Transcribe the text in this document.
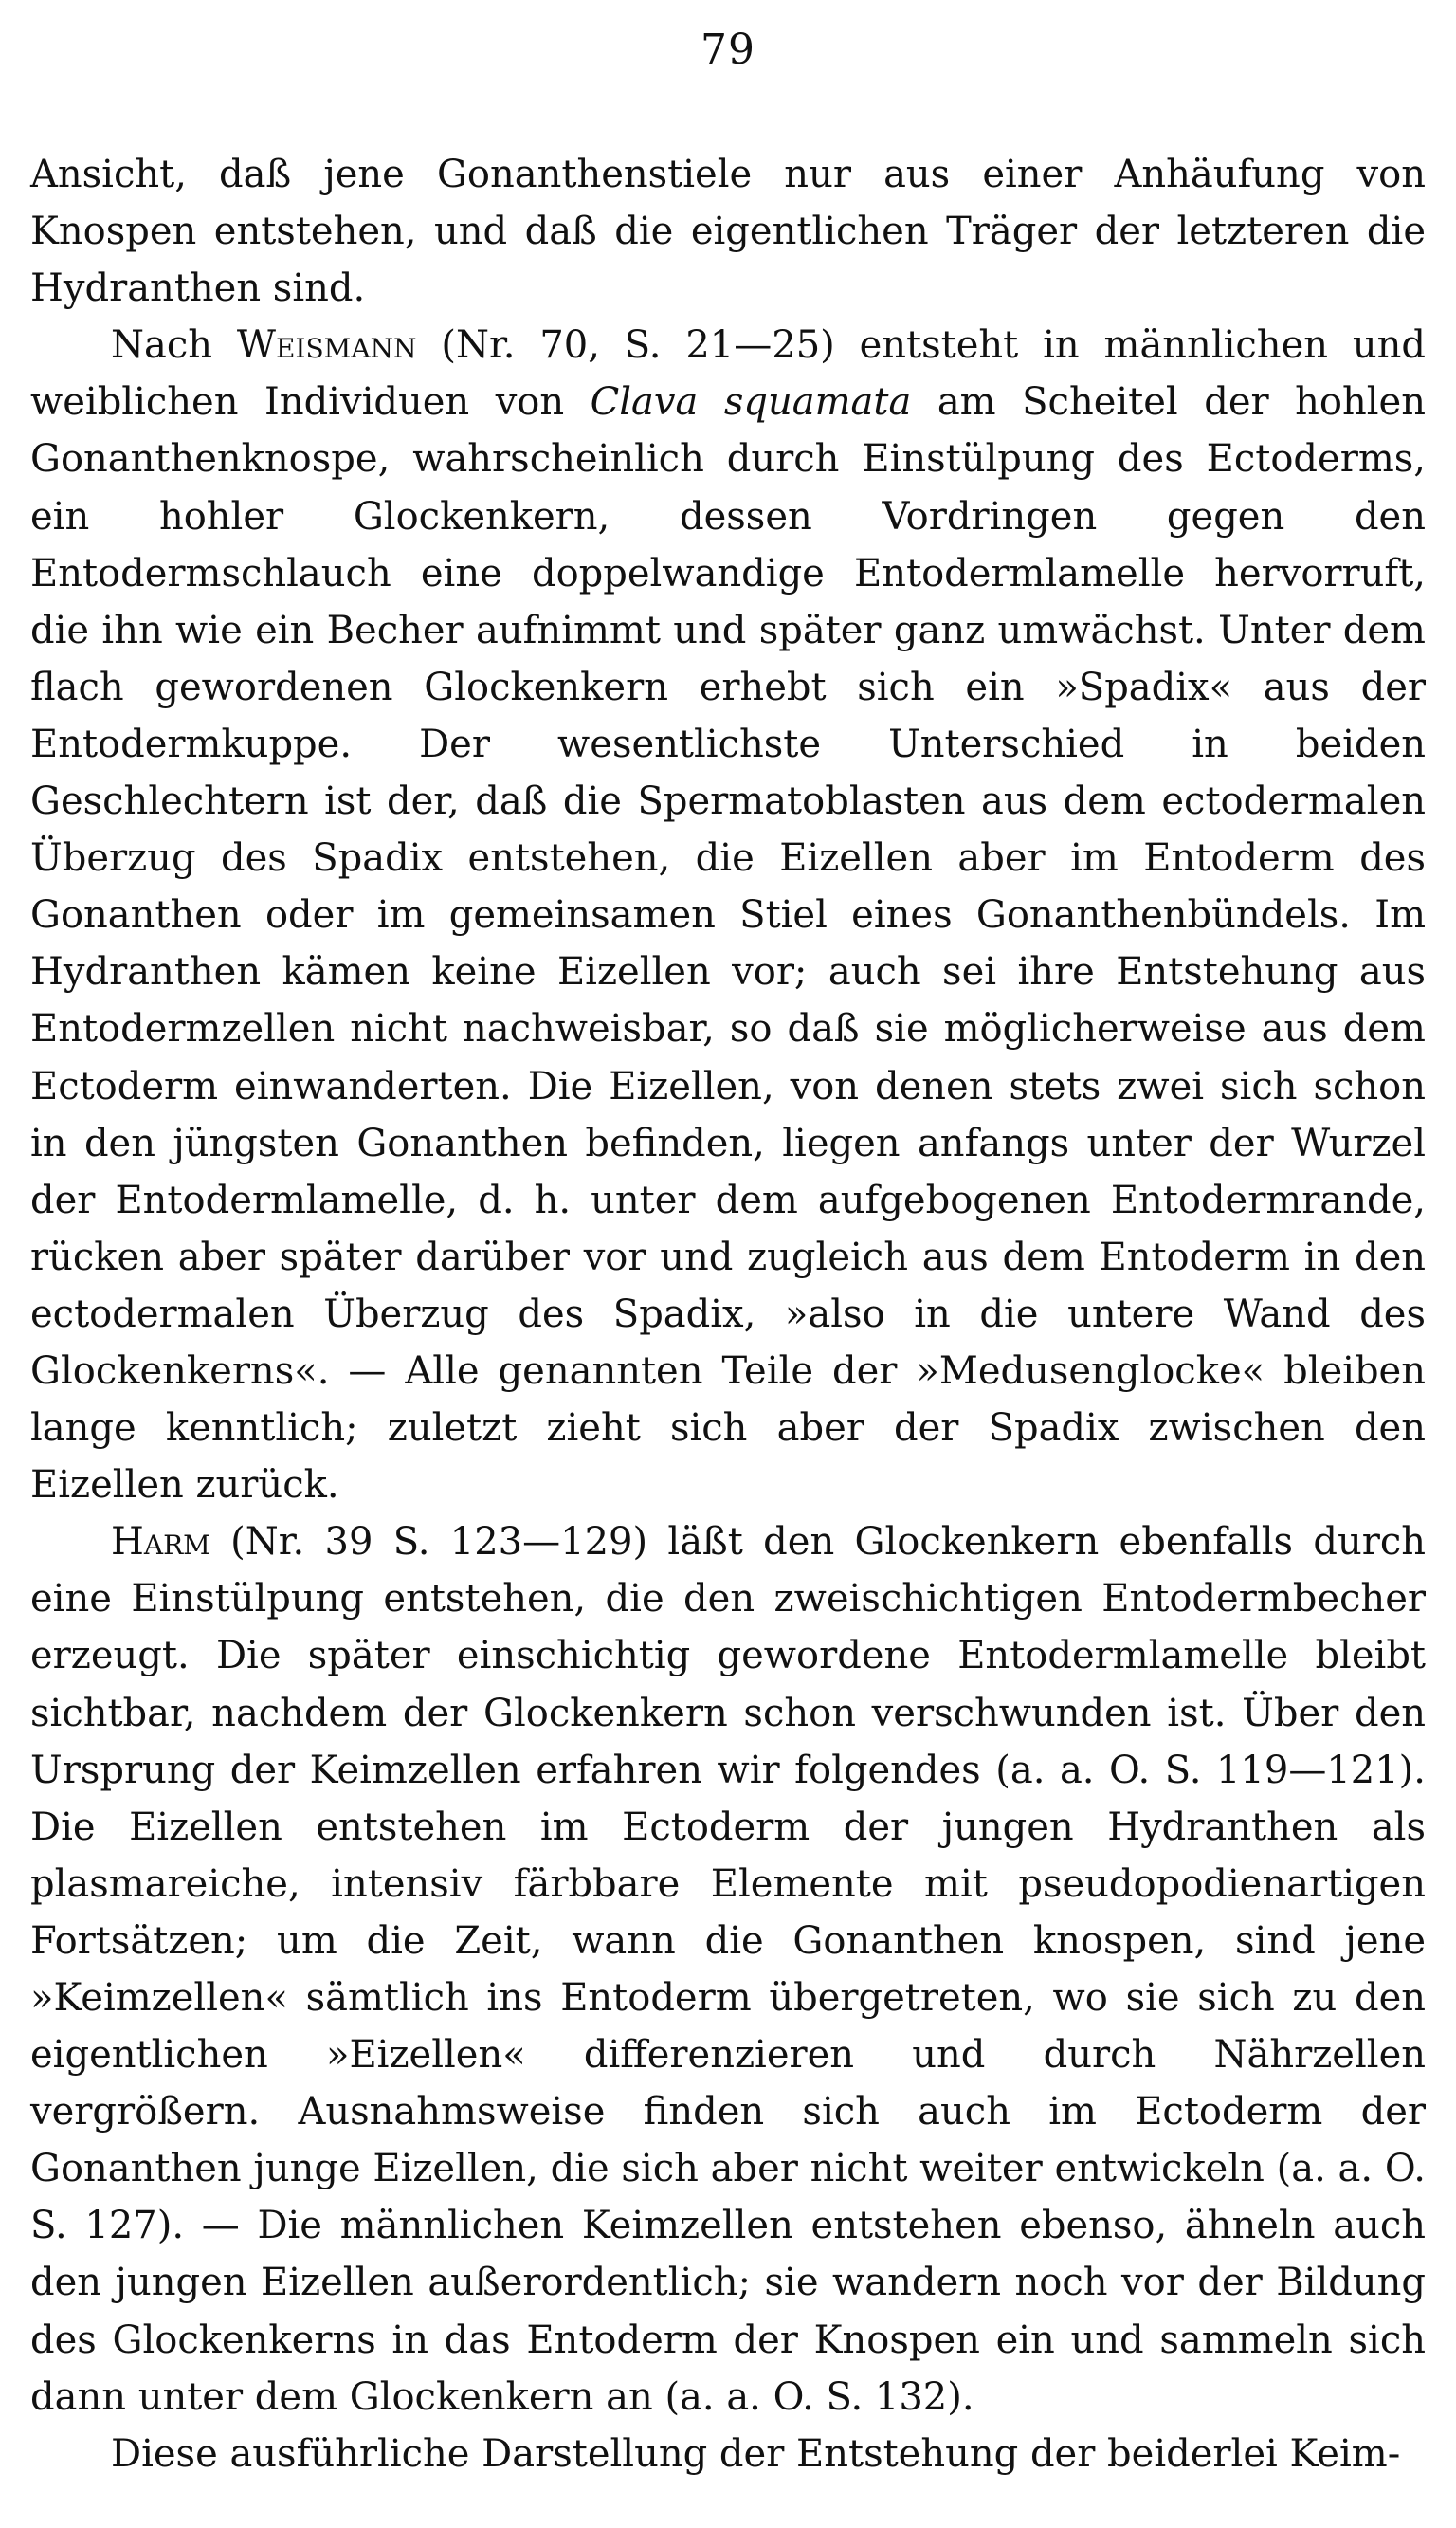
79

Ansicht, daß jene Gonanthenstiele nur aus einer Anhäufung von Knospen entstehen, und daß die eigentlichen Träger der letzteren die Hydranthen sind.

Nach Weismann (Nr. 70, S. 21—25) entsteht in männlichen und weiblichen Individuen von Clava squamata am Scheitel der hohlen Gonanthenknospe, wahrscheinlich durch Einstülpung des Ectoderms, ein hohler Glockenkern, dessen Vordringen gegen den Entodermschlauch eine doppelwandige Entodermlamelle hervorruft, die ihn wie ein Becher aufnimmt und später ganz umwächst. Unter dem flach gewordenen Glockenkern erhebt sich ein »Spadix« aus der Entodermkuppe. Der wesentlichste Unterschied in beiden Geschlechtern ist der, daß die Spermatoblasten aus dem ectodermalen Überzug des Spadix entstehen, die Eizellen aber im Entoderm des Gonanthen oder im gemeinsamen Stiel eines Gonanthenbündels. Im Hydranthen kämen keine Eizellen vor; auch sei ihre Entstehung aus Entodermzellen nicht nachweisbar, so daß sie möglicherweise aus dem Ectoderm einwanderten. Die Eizellen, von denen stets zwei sich schon in den jüngsten Gonanthen befinden, liegen anfangs unter der Wurzel der Entodermlamelle, d. h. unter dem aufgebogenen Entodermrande, rücken aber später darüber vor und zugleich aus dem Entoderm in den ectodermalen Überzug des Spadix, »also in die untere Wand des Glockenkerns«. — Alle genannten Teile der »Medusenglocke« bleiben lange kenntlich; zuletzt zieht sich aber der Spadix zwischen den Eizellen zurück.

Harm (Nr. 39 S. 123—129) läßt den Glockenkern ebenfalls durch eine Einstülpung entstehen, die den zweischichtigen Entodermbecher erzeugt. Die später einschichtig gewordene Entodermlamelle bleibt sichtbar, nachdem der Glockenkern schon verschwunden ist. Über den Ursprung der Keimzellen erfahren wir folgendes (a. a. O. S. 119—121). Die Eizellen entstehen im Ectoderm der jungen Hydranthen als plasmareiche, intensiv färbbare Elemente mit pseudopodienartigen Fortsätzen; um die Zeit, wann die Gonanthen knospen, sind jene »Keimzellen« sämtlich ins Entoderm übergetreten, wo sie sich zu den eigentlichen »Eizellen« differenzieren und durch Nährzellen vergrößern. Ausnahmsweise finden sich auch im Ectoderm der Gonanthen junge Eizellen, die sich aber nicht weiter entwickeln (a. a. O. S. 127). — Die männlichen Keimzellen entstehen ebenso, ähneln auch den jungen Eizellen außerordentlich; sie wandern noch vor der Bildung des Glockenkerns in das Entoderm der Knospen ein und sammeln sich dann unter dem Glockenkern an (a. a. O. S. 132).

Diese ausführliche Darstellung der Entstehung der beiderlei Keim-
